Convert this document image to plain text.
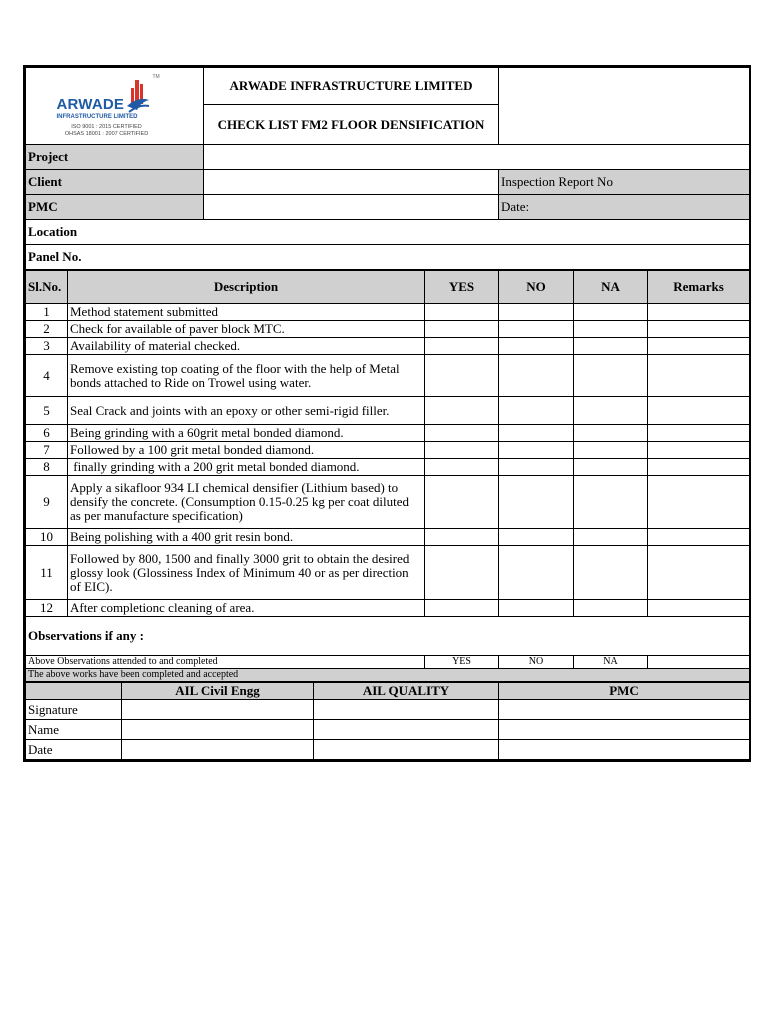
TM
ARWADE
INFRASTRUCTURE LIMITED
ISO 9001 : 2015 CERTIFIED
OHSAS 18001 : 2007 CERTIFIED			ARWADE INFRASTRUCTURE LIMITED					
			CHECK LIST FM2 FLOOR DENSIFICATION					
Project								
Client						Inspection Report No		
PMC						Date:		
Location								
Panel No.								
Sl.No.	Description				YES	NO	NA	Remarks
1	Method statement submitted							
2	Check for available of paver block MTC.							
3	Availability of material checked.							
4	Remove existing top coating of the floor with the help of Metal bonds attached to Ride on Trowel using water.							
5	Seal Crack and joints with an epoxy or other semi-rigid filler.							
6	Being grinding with a 60grit metal bonded diamond.							
7	Followed by a 100 grit metal bonded diamond.							
8	finally grinding with a 200 grit metal bonded diamond.							
9	Apply a sikafloor 934 LI chemical densifier (Lithium based) to densify the concrete. (Consumption 0.15-0.25 kg per coat diluted as per manufacture specification)							
10	Being polishing with a 400 grit resin bond.							
11	Followed by 800, 1500 and finally 3000 grit to obtain the desired glossy look (Glossiness Index of Minimum 40 or as per direction of EIC).							
12	After completionc cleaning of area.							
Observations if any :								
Above Observations attended to and completed					YES	NO	NA	
The above works have been completed and accepted								
		AIL Civil Engg		AIL QUALITY		PMC		
Signature								
Name								
Date								
